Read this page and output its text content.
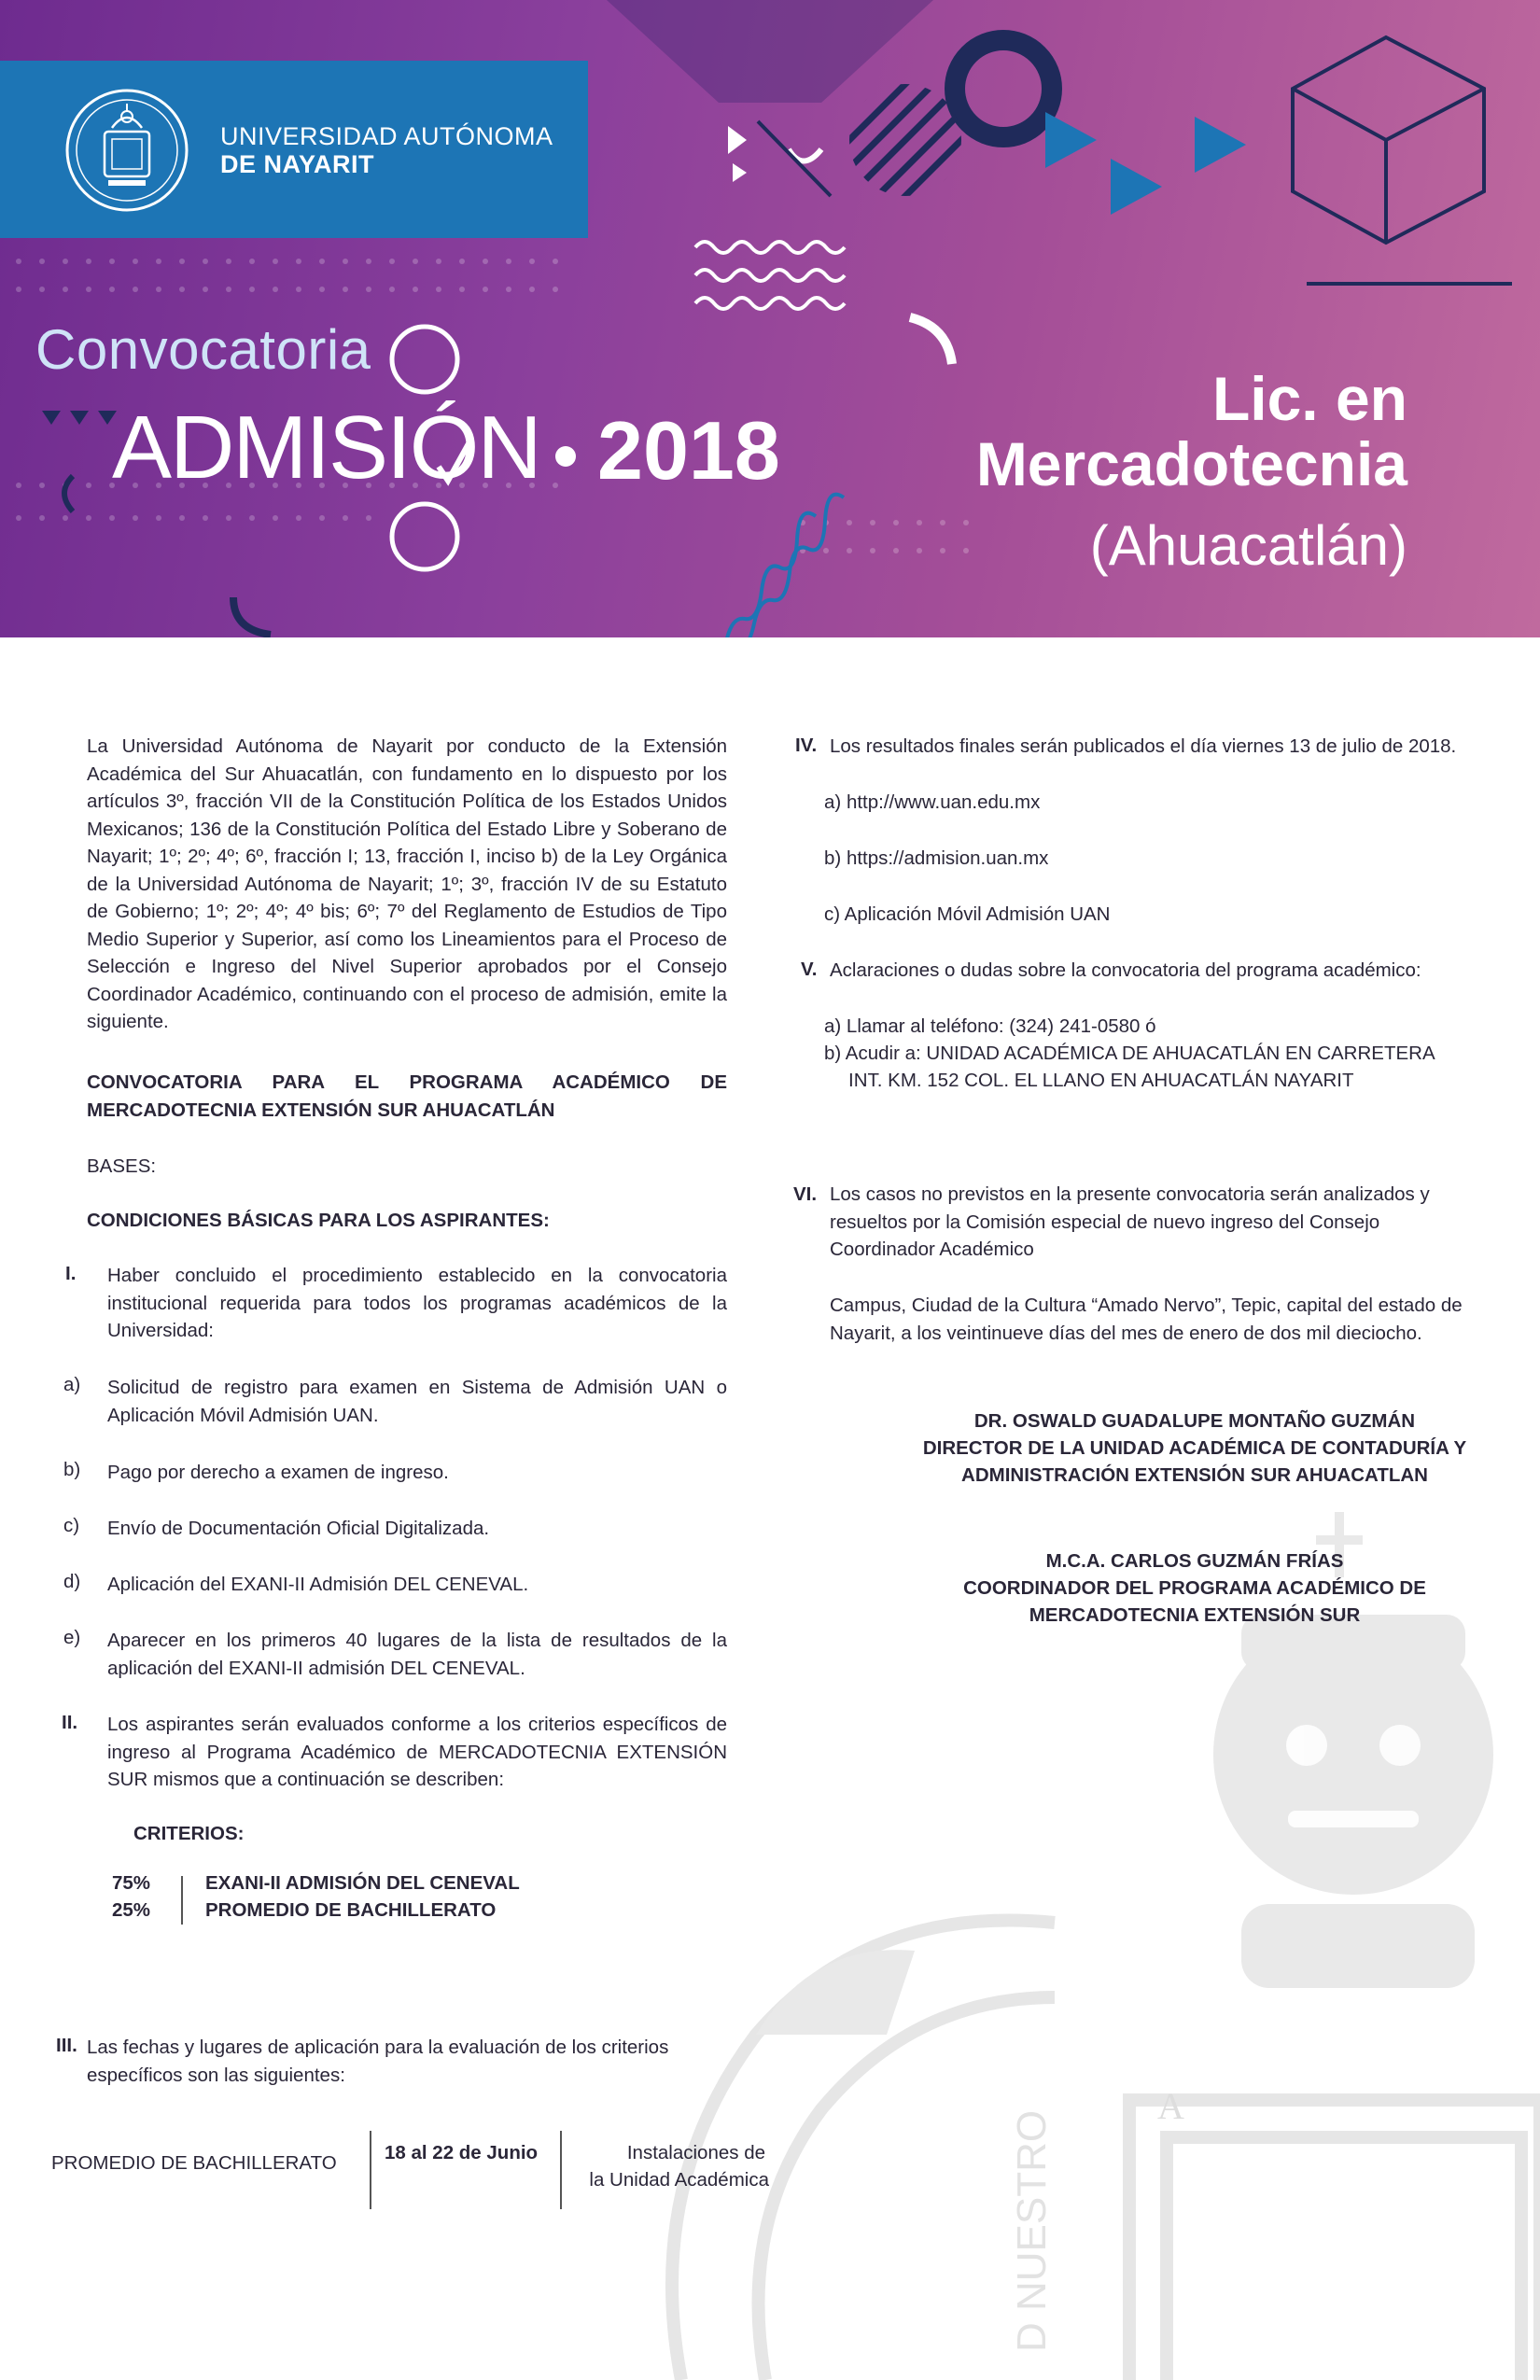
UNIVERSIDAD AUTÓNOMA
DE NAYARIT
Convocatoria
ADMISIÓN 2018
Lic. en
Mercadotecnia
(Ahuacatlán)
A
D NUESTRO
La Universidad Autónoma de Nayarit por conducto de la Extensión Académica del Sur Ahuacatlán, con fundamento en lo dispuesto por los artículos 3º, fracción VII de la Constitución Política de los Estados Unidos Mexicanos; 136 de la Constitución Política del Estado Libre y Soberano de Nayarit; 1º; 2º; 4º; 6º, fracción I; 13, fracción I, inciso b) de la Ley Orgánica de la Universidad Autónoma de Nayarit; 1º; 3º, fracción IV de su Estatuto de Gobierno; 1º; 2º; 4º; 4º bis; 6º; 7º del Reglamento de Estudios de Tipo Medio Superior y Superior, así como los Lineamientos para el Proceso de Selección e Ingreso del Nivel Superior aprobados por el Consejo Coordinador Académico, continuando con el proceso de admisión, emite la siguiente.
CONVOCATORIA PARA EL PROGRAMA ACADÉMICO DE MERCADOTECNIA EXTENSIÓN SUR AHUACATLÁN
BASES:
CONDICIONES BÁSICAS PARA LOS ASPIRANTES:
I. Haber concluido el procedimiento establecido en la convocatoria institucional requerida para todos los programas académicos de la Universidad:
a) Solicitud de registro para examen en Sistema de Admisión UAN o Aplicación Móvil Admisión UAN.
b) Pago por derecho a examen de ingreso.
c) Envío de Documentación Oficial Digitalizada.
d) Aplicación del EXANI-II Admisión DEL CENEVAL.
e) Aparecer en los primeros 40 lugares de la lista de resultados de la aplicación del EXANI-II admisión DEL CENEVAL.
II. Los aspirantes serán evaluados conforme a los criterios específicos de ingreso al Programa Académico de MERCADOTECNIA EXTENSIÓN SUR mismos que a continuación se describen:
CRITERIOS:
75%
25%
EXANI-II ADMISIÓN DEL CENEVAL
PROMEDIO DE BACHILLERATO
III. Las fechas y lugares de aplicación para la evaluación de los criterios específicos son las siguientes:
PROMEDIO DE BACHILLERATO	18 al 22 de Junio	Instalaciones de
la Unidad Académica
IV. Los resultados finales serán publicados el día viernes 13 de julio de 2018.
a) http://www.uan.edu.mx
b) https://admision.uan.mx
c) Aplicación Móvil Admisión UAN
V. Aclaraciones o dudas sobre la convocatoria del programa académico:
a) Llamar al teléfono: (324) 241-0580 ó
b) Acudir a: UNIDAD ACADÉMICA DE AHUACATLÁN EN CARRETERA
INT. KM. 152 COL. EL LLANO EN AHUACATLÁN NAYARIT
VI. Los casos no previstos en la presente convocatoria serán analizados y resueltos por la Comisión especial de nuevo ingreso del Consejo Coordinador Académico
Campus, Ciudad de la Cultura “Amado Nervo”, Tepic, capital del estado de Nayarit, a los veintinueve días del mes de enero de dos mil dieciocho.
DR. OSWALD GUADALUPE MONTAÑO GUZMÁN
DIRECTOR DE LA UNIDAD ACADÉMICA DE CONTADURÍA Y
ADMINISTRACIÓN EXTENSIÓN SUR AHUACATLAN
M.C.A. CARLOS GUZMÁN FRÍAS
COORDINADOR DEL PROGRAMA ACADÉMICO DE
MERCADOTECNIA EXTENSIÓN SUR
